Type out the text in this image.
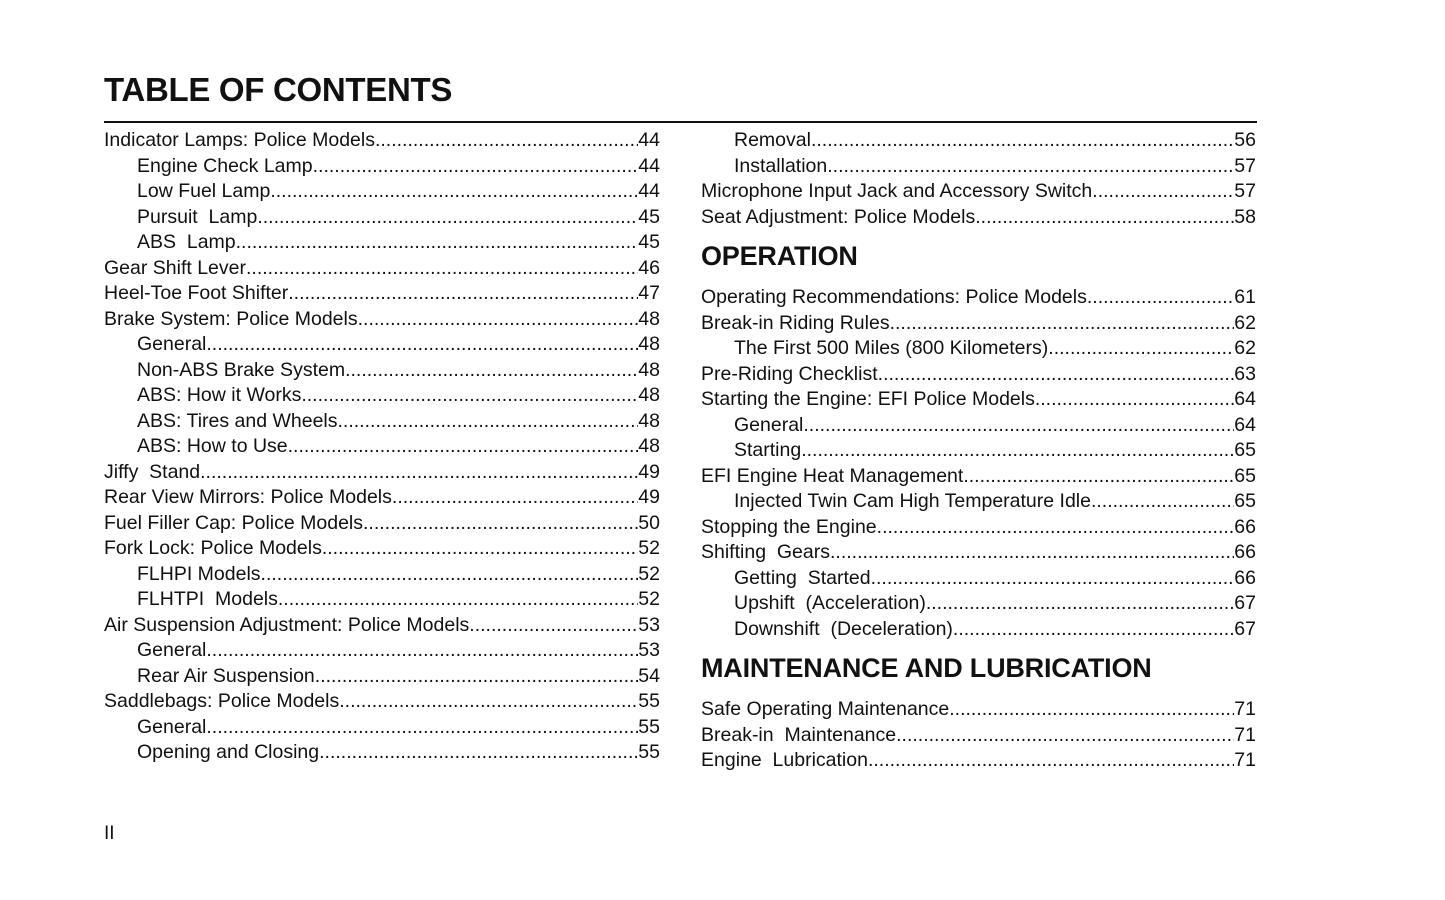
TABLE OF CONTENTS
Indicator Lamps: Police Models .....	44
Engine Check Lamp .....	44
Low Fuel Lamp .....	44
Pursuit  Lamp .....	45
ABS  Lamp .....	45
Gear Shift Lever .....	46
Heel-Toe Foot Shifter .....	47
Brake System: Police Models .....	48
General .....	48
Non-ABS Brake System .....	48
ABS: How it Works .....	48
ABS: Tires and Wheels .....	48
ABS: How to Use .....	48
Jiffy  Stand .....	49
Rear View Mirrors: Police Models .....	49
Fuel Filler Cap: Police Models .....	50
Fork Lock: Police Models .....	52
FLHPI Models .....	52
FLHTPI  Models .....	52
Air Suspension Adjustment: Police Models .....	53
General .....	53
Rear Air Suspension .....	54
Saddlebags: Police Models .....	55
General .....	55
Opening and Closing .....	55
Removal .....	56
Installation .....	57
Microphone Input Jack and Accessory Switch .....	57
Seat Adjustment: Police Models .....	58
OPERATION
Operating Recommendations: Police Models .....	61
Break-in Riding Rules .....	62
The First 500 Miles (800 Kilometers) .....	62
Pre-Riding Checklist .....	63
Starting the Engine: EFI Police Models .....	64
General .....	64
Starting .....	65
EFI Engine Heat Management .....	65
Injected Twin Cam High Temperature Idle .....	65
Stopping the Engine .....	66
Shifting  Gears .....	66
Getting  Started .....	66
Upshift  (Acceleration) .....	67
Downshift  (Deceleration) .....	67
MAINTENANCE AND LUBRICATION
Safe Operating Maintenance .....	71
Break-in  Maintenance .....	71
Engine  Lubrication .....	71
II
